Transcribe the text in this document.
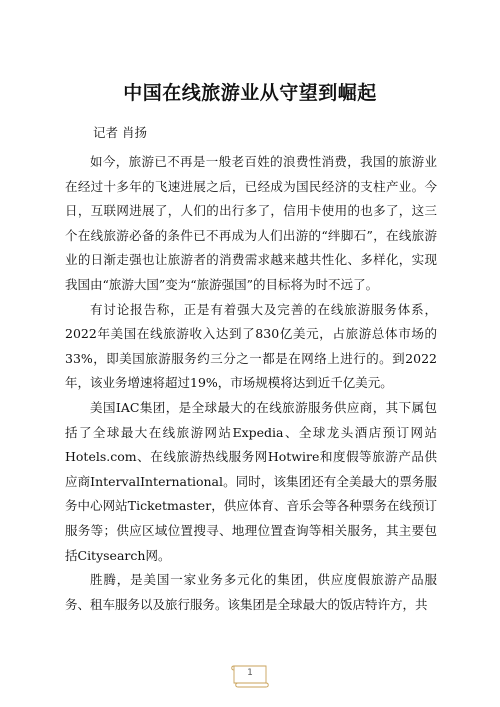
中国在线旅游业从守望到崛起

记者 肖扬

如今，旅游已不再是一般老百姓的浪费性消费，我国的旅游业在经过十多年的飞速进展之后，已经成为国民经济的支柱产业。今日，互联网进展了，人们的出行多了，信用卡使用的也多了，这三个在线旅游必备的条件已不再成为人们出游的“绊脚石”，在线旅游业的日渐走强也让旅游者的消费需求越来越共性化、多样化，实现我国由“旅游大国”变为“旅游强国”的目标将为时不远了。

有讨论报告称，正是有着强大及完善的在线旅游服务体系，2022年美国在线旅游收入达到了830亿美元，占旅游总体市场的33%，即美国旅游服务约三分之一都是在网络上进行的。到2022年，该业务增速将超过19%，市场规模将达到近千亿美元。

美国IAC集团，是全球最大的在线旅游服务供应商，其下属包括了全球最大在线旅游网站Expedia、全球龙头酒店预订网站Hotels.com、在线旅游热线服务网Hotwire和度假等旅游产品供应商IntervalInternational。同时，该集团还有全美最大的票务服务中心网站Ticketmaster，供应体育、音乐会等各种票务在线预订服务等；供应区域位置搜寻、地理位置查询等相关服务，其主要包括Citysearch网。

胜腾，是美国一家业务多元化的集团，供应度假旅游产品服务、租车服务以及旅行服务。该集团是全球最大的饭店特许方，共

1
